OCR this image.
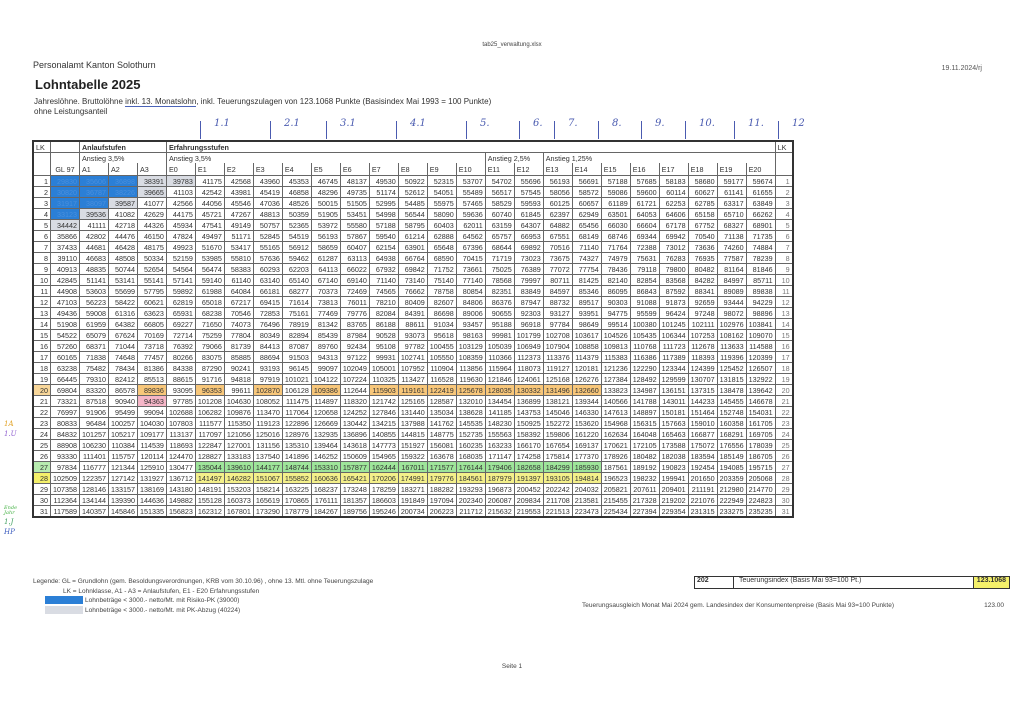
tab25_verwaltung.xlsx
19.11.2024/rj
Personalamt Kanton Solothurn
Lohntabelle 2025
Jahreslöhne. Bruttolöhne inkl. 13. Monatslohn, inkl. Teuerungszulagen von 123.1068 Punkte (Basisindex Mai 1993 = 100 Punkte)
ohne Leistungsanteil
1.1	2.1	3.1	4.1	5.	6.	7.	8.	9.	10.	11.	12
LK		Anlaufstufen			Erfahrungsstufen																					LK
		Anstieg 3,5%			Anstieg 3,5%											Anstieg 2,5%		Anstieg 1,25%								
	GL 97	A1	A2	A3	E0	E1	E2	E3	E4	E5	E6	E7	E8	E9	E10	E11	E12	E13	E14	E15	E16	E17	E18	E19	E20	
1	29830	35606	36898	38391	39783	41175	42568	43960	45353	46745	48137	49530	50922	52315	53707	54702	55696	56193	56691	57188	57685	58183	58680	59177	59674	1
2	30820	36787	38226	39665	41103	42542	43981	45419	46858	48296	49735	51174	52612	54051	55489	56517	57545	58056	58572	59086	59600	60114	60627	61141	61655	2
3	31917	38097	39587	41077	42566	44056	45546	47036	48526	50015	51505	52995	54485	55975	57465	58529	59593	60125	60657	61189	61721	62253	62785	63317	63849	3
4	33123	39536	41082	42629	44175	45721	47267	48813	50359	51905	53451	54998	56544	58090	59636	60740	61845	62397	62949	63501	64053	64606	65158	65710	66262	4
5	34442	41111	42718	44326	45934	47541	49149	50757	52365	53972	55580	57188	58795	60403	62011	63159	64307	64882	65456	66030	66604	67178	67752	68327	68901	5
6	35866	42802	44476	46150	47824	49497	51171	52845	54519	56193	57867	59540	61214	62888	64562	65757	66953	67551	68149	68746	69344	69942	70540	71138	71735	6
7	37433	44681	46428	48175	49923	51670	53417	55165	56912	58659	60407	62154	63901	65648	67396	68644	69892	70516	71140	71764	72388	73012	73636	74260	74884	7
8	39110	46683	48508	50334	52159	53985	55810	57636	59462	61287	63113	64938	66764	68590	70415	71719	73023	73675	74327	74979	75631	76283	76935	77587	78239	8
9	40913	48835	50744	52654	54564	56474	58383	60293	62203	64113	66022	67932	69842	71752	73661	75025	76389	77072	77754	78436	79118	79800	80482	81164	81846	9
10	42845	51141	53141	55141	57141	59140	61140	63140	65140	67140	69140	71140	73140	75140	77140	78568	79997	80711	81425	82140	82854	83568	84282	84997	85711	10
11	44908	53603	55699	57795	59892	61988	64084	66181	68277	70373	72469	74565	76662	78758	80854	82351	83849	84597	85346	86095	86843	87592	88341	89089	89838	11
12	47103	56223	58422	60621	62819	65018	67217	69415	71614	73813	76011	78210	80409	82607	84806	86376	87947	88732	89517	90303	91088	91873	92659	93444	94229	12
13	49436	59008	61316	63623	65931	68238	70546	72853	75161	77469	79776	82084	84391	86698	89006	90655	92303	93127	93951	94775	95599	96424	97248	98072	98896	13
14	51908	61959	64382	66805	69227	71650	74073	76496	78919	81342	83765	86188	88611	91034	93457	95188	96918	97784	98649	99514	100380	101245	102111	102976	103841	14
15	54522	65079	67624	70169	72714	75259	77804	80349	82894	85439	87984	90528	93073	95618	98163	99981	101799	102708	103617	104526	105435	106344	107253	108162	109070	15
16	57260	68371	71044	73718	76392	79066	81739	84413	87087	89760	92434	95108	97782	100455	103129	105039	106949	107904	108858	109813	110768	111723	112678	113633	114588	16
17	60165	71838	74648	77457	80266	83075	85885	88694	91503	94313	97122	99931	102741	105550	108359	110366	112373	113376	114379	115383	116386	117389	118393	119396	120399	17
18	63238	75482	78434	81386	84338	87290	90241	93193	96145	99097	102049	105001	107952	110904	113856	115964	118073	119127	120181	121236	122290	123344	124399	125452	126507	18
19	66445	79310	82412	85513	88615	91716	94818	97919	101021	104122	107224	110325	113427	116528	119630	121846	124061	125168	126276	127384	128492	129599	130707	131815	132922	19
20	69804	83320	86578	89836	93095	96353	99611	102870	106128	109386	112644	115903	119161	122419	125678	128035	130332	131496	132660	133823	134987	136151	137315	138478	139642	20
21	73321	87518	90940	94363	97785	101208	104630	108052	111475	114897	118320	121742	125165	128587	132010	134454	136899	138121	139344	140566	141788	143011	144233	145455	146678	21
22	76997	91906	95499	99094	102688	106282	109876	113470	117064	120658	124252	127846	131440	135034	138628	141185	143753	145046	146330	147613	148897	150181	151464	152748	154031	22
23	80833	96484	100257	104030	107803	111577	115350	119123	122896	126669	130442	134215	137988	141762	145535	148230	150925	152272	153620	154968	156315	157663	159010	160358	161705	23
24	84832	101257	105217	109177	113137	117097	121056	125016	128976	132935	136896	140855	144815	148775	152735	155563	158392	159806	161220	162634	164048	165463	166877	168291	169705	24
25	88908	106230	110384	114539	118693	122847	127001	131156	135310	139464	143618	147773	151927	156081	160235	163233	166170	167654	169137	170621	172105	173588	175072	176556	178039	25
26	93330	111401	115757	120114	124470	128827	133183	137540	141896	146252	150609	154965	159322	163678	168035	171147	174258	175814	177370	178926	180482	182038	183594	185149	186705	26
27	97834	116777	121344	125910	130477	135044	139610	144177	148744	153310	157877	162444	167011	171577	176144	179406	182658	184299	185930	187561	189192	190823	192454	194085	195715	27
28	102509	122357	127142	131927	136712	141497	146282	151067	155852	160636	165421	170206	174991	179776	184561	187979	191397	193105	194814	196523	198232	199941	201650	203359	205068	28
29	107358	128146	133157	138169	143180	148191	153203	158214	163225	168237	173248	178259	183271	188282	193293	196873	200452	202242	204032	205821	207611	209401	211191	212980	214770	29
30	112364	134144	139390	144636	149882	155128	160373	165619	170865	176111	181357	186603	191849	197094	202340	206087	209834	211708	213581	215455	217328	219202	221076	222949	224823	30
31	117589	140357	145846	151335	156823	162312	167801	173290	178779	184267	189756	195246	200734	206223	211712	215632	219553	221513	223473	225434	227394	229354	231315	233275	235235	31
1A
1.U
Ende Jahr
1.J
HP
Legende: GL = Grundlohn (gem. Besoldungsverordnungen, KRB vom 30.10.96) , ohne 13. Mtl. ohne Teuerungszulage
LK = Lohnklasse, A1 - A3 = Anlaufstufen, E1 - E20 Erfahrungsstufen
Lohnbeträge < 3000.- netto/Mt. mit Risiko-PK (39000)
Lohnbeträge < 3000.- netto/Mt. mit PK-Abzug (40224)
202	Teuerungsindex (Basis Mai 93=100 Pt.)	123.1068
Teuerungsausgleich Monat Mai 2024 gem. Landesindex der Konsumentenpreise (Basis Mai 93=100 Punkte)	123.00
Seite 1
